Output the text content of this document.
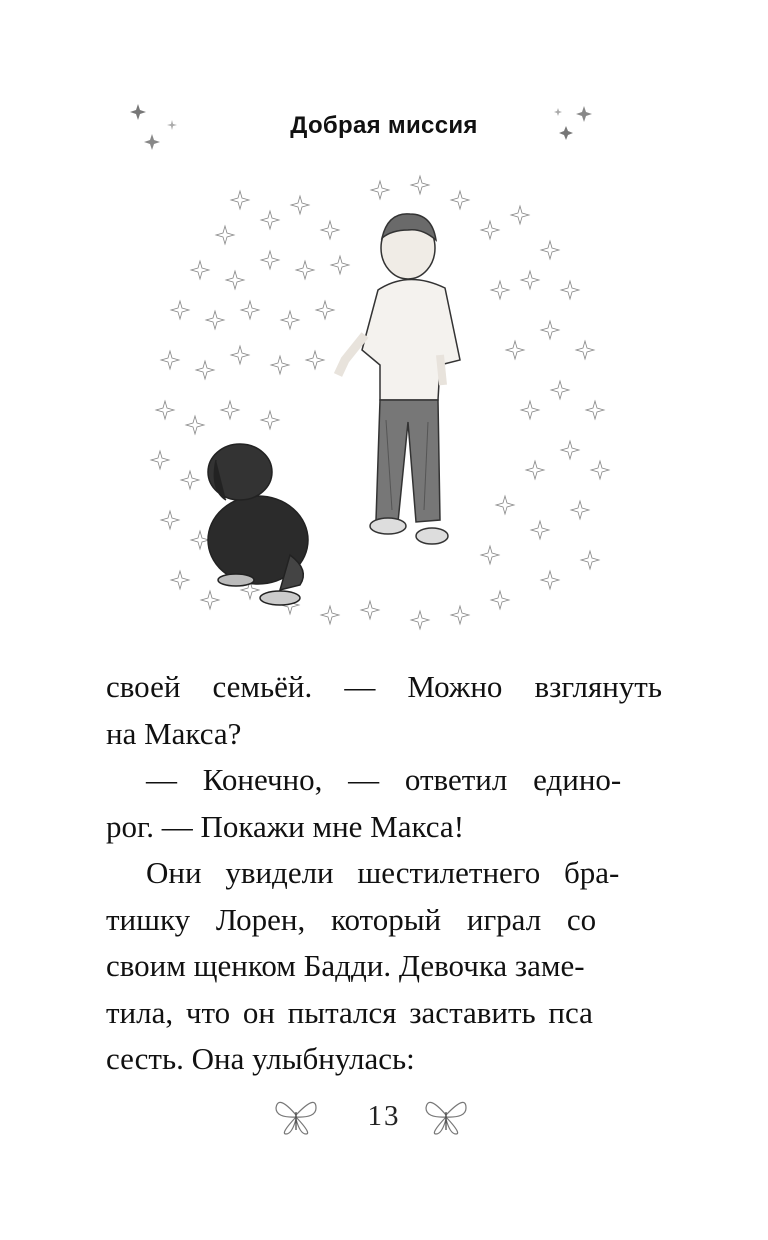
Добрая миссия

своей семьёй. — Можно взглянуть
на Макса?

— Конечно, — ответил едино-
рог. — Покажи мне Макса!

Они увидели шестилетнего бра-
тишку Лорен, который играл со
своим щенком Бадди. Девочка заме-
тила, что он пытался заставить пса
сесть. Она улыбнулась:

13
